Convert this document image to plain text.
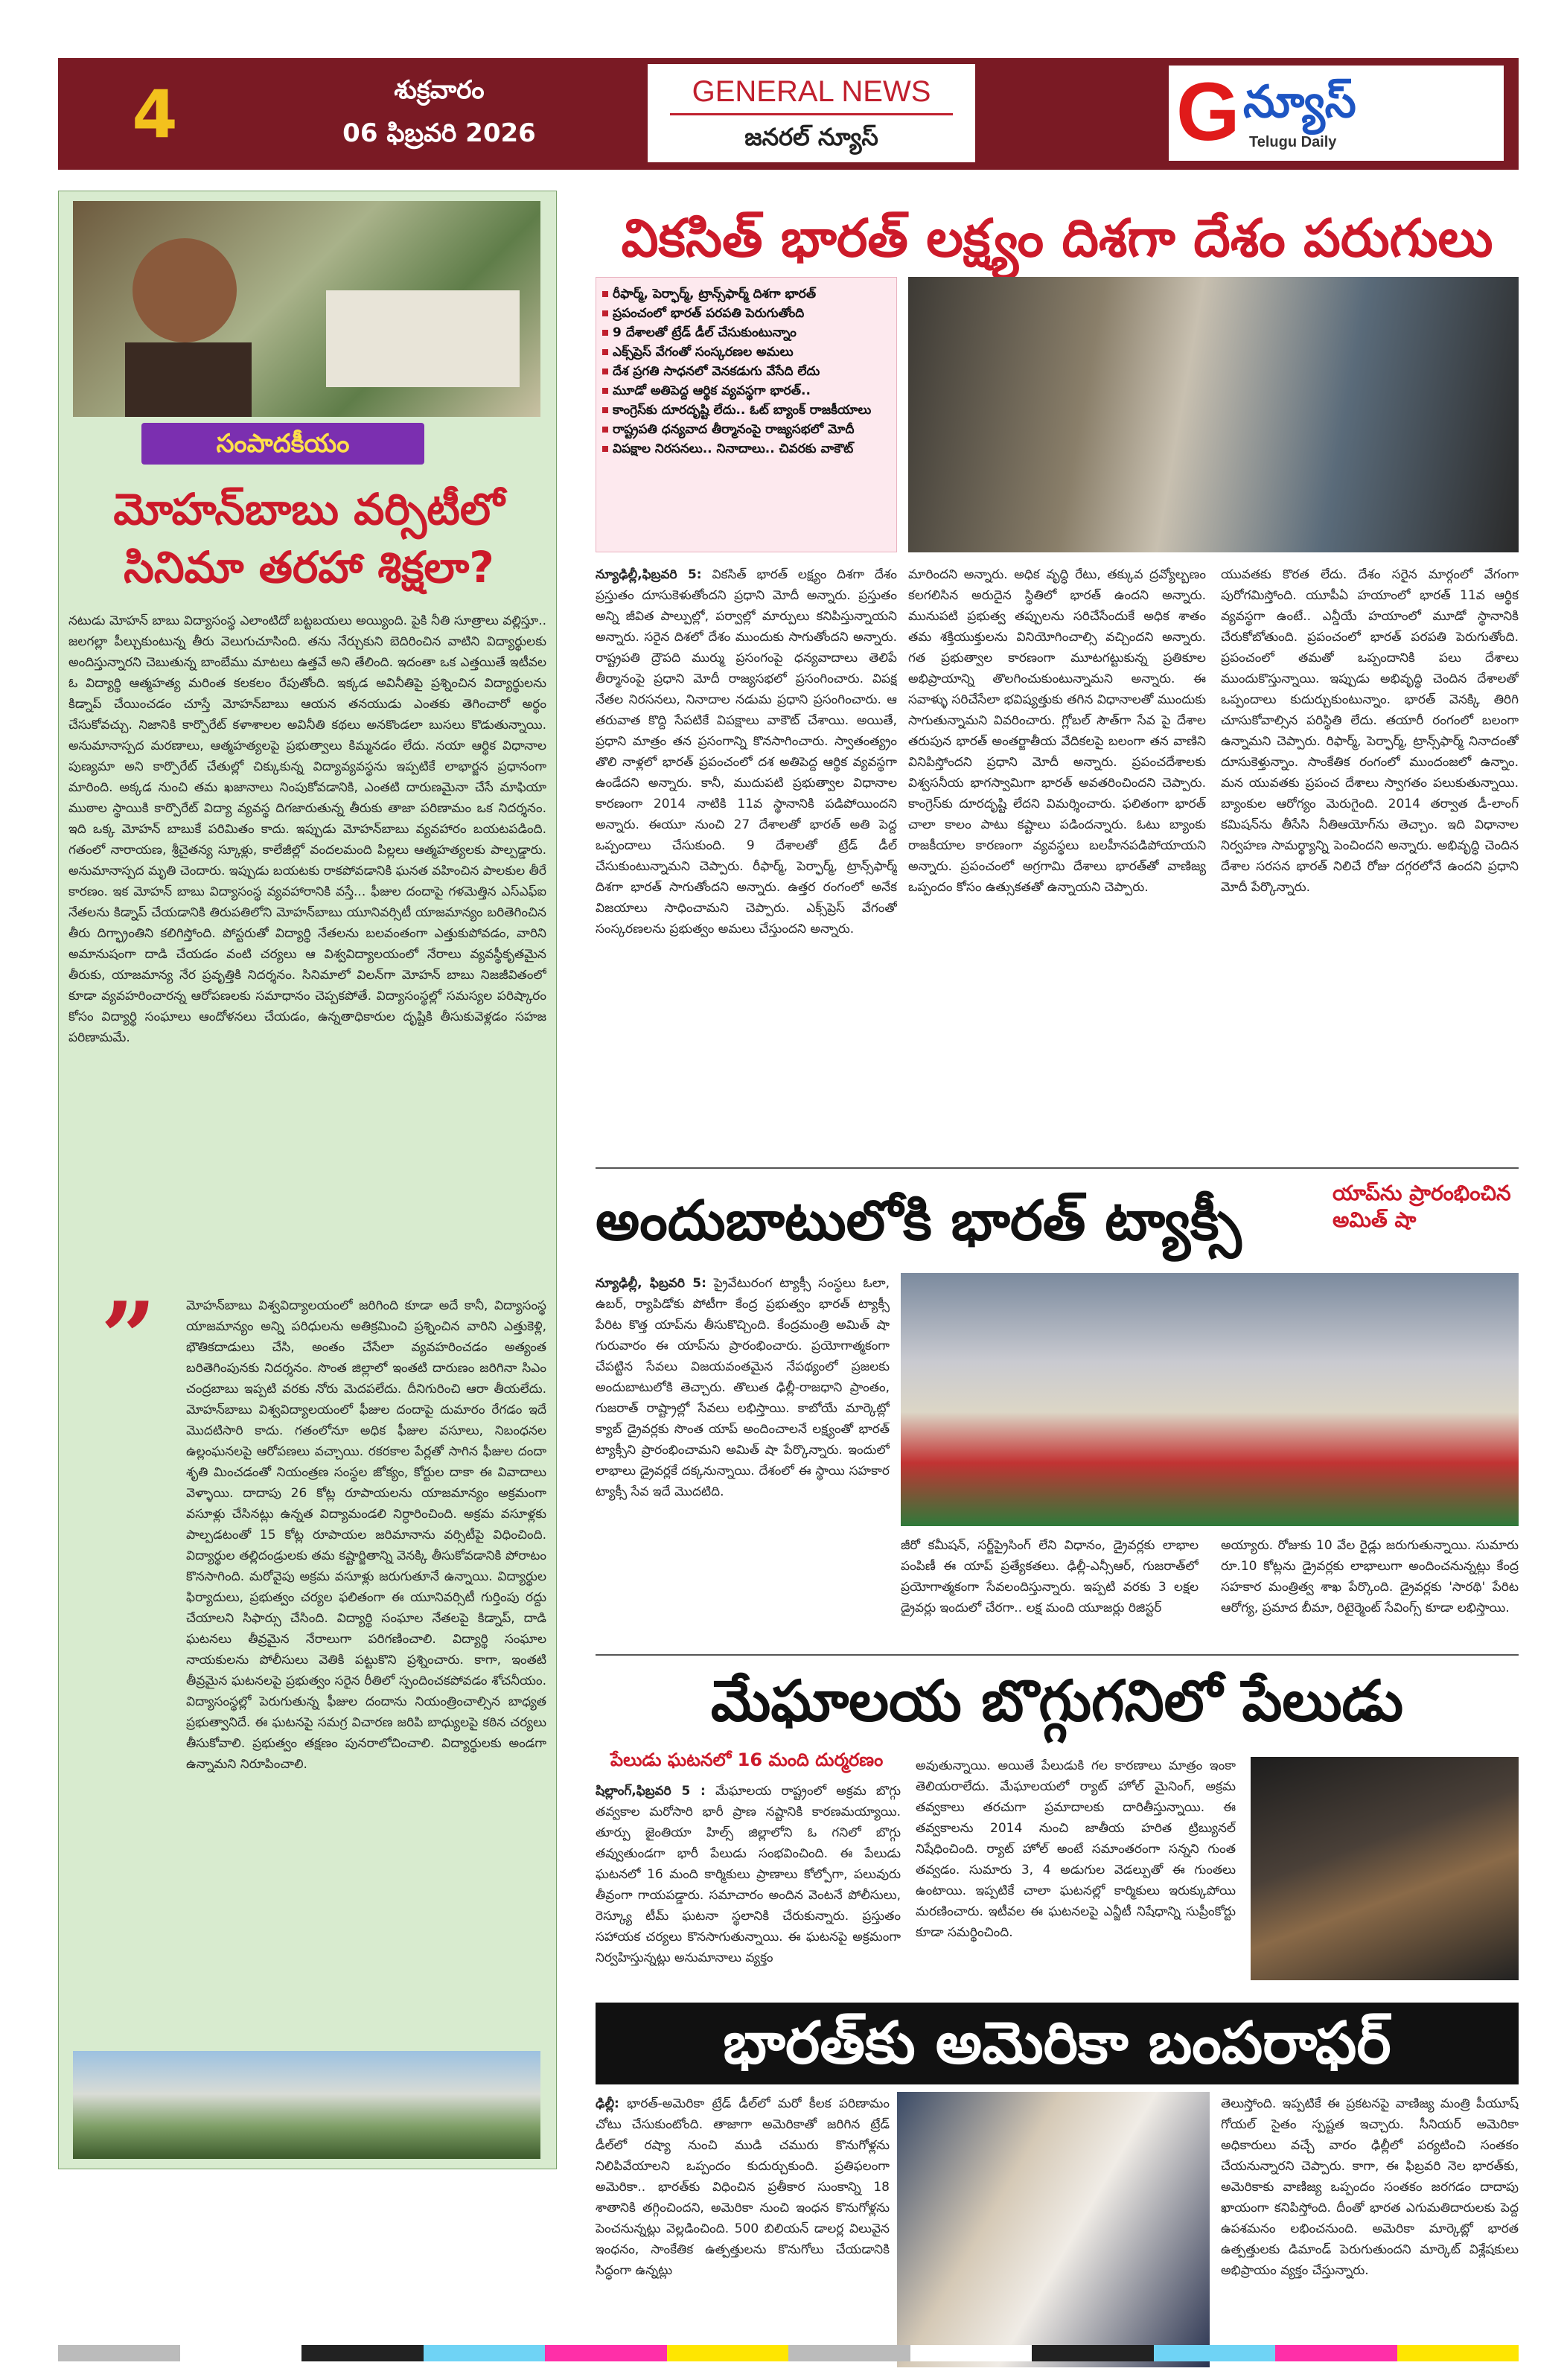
4	శుక్రవారం
06 ఫిబ్రవరి 2026
GENERAL NEWS
జనరల్ న్యూస్	G న్యూస్
Telugu Daily
సంపాదకీయం
మోహన్‌బాబు వర్సిటీలో సినిమా తరహా శిక్షలా?
నటుడు మోహన్ బాబు విద్యాసంస్థ ఎలాంటిదో బట్టబయలు అయ్యింది. పైకి నీతి సూత్రాలు వల్లిస్తూ.. జలగల్లా పీల్చుకుంటున్న తీరు వెలుగుచూసింది. తను నేర్చుకుని బెదిరించిన వాటిని విద్యార్థులకు అందిస్తున్నారని చెబుతున్న బాంబేము మాటలు ఉత్తవే అని తేలింది. ఇదంతా ఒక ఎత్తయితే ఇటీవల ఓ విద్యార్థి ఆత్మహత్య మరింత కలకలం రేపుతోంది. ఇక్కడ అవినీతిపై ప్రశ్నించిన విద్యార్థులను కిడ్నాప్ చేయించడం చూస్తే మోహన్‌బాబు ఆయన తనయుడు ఎంతకు తెగించారో అర్థం చేసుకోవచ్చు. నిజానికి కార్పొరేట్ కళాశాలల అవినీతి కథలు అనకొండలా బుసలు కొడుతున్నాయి. అనుమానాస్పద మరణాలు, ఆత్మహత్యలపై ప్రభుత్వాలు కిమ్మనడం లేదు. నయా ఆర్థిక విధానాల పుణ్యమా అని కార్పొరేట్ చేతుల్లో చిక్కుకున్న విద్యావ్యవస్థను ఇప్పటికే లాభార్జన ప్రధానంగా మారింది. అక్కడ నుంచి తమ ఖజానాలు నింపుకోవడానికి, ఎంతటి దారుణమైనా చేసే మాఫియా ముఠాల స్థాయికి కార్పొరేట్ విద్యా వ్యవస్థ దిగజారుతున్న తీరుకు తాజా పరిణామం ఒక నిదర్శనం. ఇది ఒక్క మోహన్ బాబుకే పరిమితం కాదు. ఇప్పుడు మోహన్‌బాబు వ్యవహారం బయటపడింది. గతంలో నారాయణ, శ్రీచైతన్య స్కూళ్లు, కాలేజీల్లో వందలమంది పిల్లలు ఆత్మహత్యలకు పాల్పడ్డారు. అనుమానాస్పద మృతి చెందారు. ఇప్పుడు బయటకు రాకపోవడానికి ఘనత వహించిన పాలకుల తీరే కారణం. ఇక మోహన్ బాబు విద్యాసంస్థ వ్యవహారానికి వస్తే... ఫీజుల దందాపై గళమెత్తిన ఎస్ఎఫ్ఐ నేతలను కిడ్నాప్ చేయడానికి తిరుపతిలోని మోహన్‌బాబు యూనివర్సిటీ యాజమాన్యం బరితెగించిన తీరు దిగ్భ్రాంతిని కలిగిస్తోంది. పోస్టరుతో విద్యార్థి నేతలను బలవంతంగా ఎత్తుకుపోవడం, వారిని అమానుషంగా దాడి చేయడం వంటి చర్యలు ఆ విశ్వవిద్యాలయంలో నేరాలు వ్యవస్థీకృతమైన తీరుకు, యాజమాన్య నేర ప్రవృత్తికి నిదర్శనం. సినిమాలో విలన్‌గా మోహన్ బాబు నిజజీవితంలో కూడా వ్యవహరించారన్న ఆరోపణలకు సమాధానం చెప్పకపోతే. విద్యాసంస్థల్లో సమస్యల పరిష్కారం కోసం విద్యార్థి సంఘాలు ఆందోళనలు చేయడం, ఉన్నతాధికారుల దృష్టికి తీసుకువెళ్లడం సహజ పరిణామమే.
” మోహన్‌బాబు విశ్వవిద్యాలయంలో జరిగింది కూడా అదే కానీ, విద్యాసంస్థ యాజమాన్యం అన్ని పరిధులను అతిక్రమించి ప్రశ్నించిన వారిని ఎత్తుకెళ్లి, భౌతికదాడులు చేసి, అంతం చేసేలా వ్యవహరించడం అత్యంత బరితెగింపునకు నిదర్శనం. సొంత జిల్లాలో ఇంతటి దారుణం జరిగినా సిఎం చంద్రబాబు ఇప్పటి వరకు నోరు మెదపలేదు. దీనిగురించి ఆరా తీయలేదు. మోహన్‌బాబు విశ్వవిద్యాలయంలో ఫీజుల దందాపై దుమారం రేగడం ఇదే మొదటిసారి కాదు. గతంలోనూ అధిక ఫీజుల వసూలు, నిబంధనల ఉల్లంఘనలపై ఆరోపణలు వచ్చాయి. రకరకాల పేర్లతో సాగిన ఫీజుల దందా శృతి మించడంతో నియంత్రణ సంస్థల జోక్యం, కోర్టుల దాకా ఈ వివాదాలు వెళ్ళాయి. దాదాపు 26 కోట్ల రూపాయలను యాజమాన్యం అక్రమంగా వసూళ్లు చేసినట్లు ఉన్నత విద్యామండలి నిర్ధారించింది. అక్రమ వసూళ్లకు పాల్పడటంతో 15 కోట్ల రూపాయల జరిమానాను వర్సిటీపై విధించింది. విద్యార్థుల తల్లిదండ్రులకు తమ కష్టార్జితాన్ని వెనక్కి తీసుకోవడానికి పోరాటం కొనసాగింది. మరోవైపు అక్రమ వసూళ్లు జరుగుతూనే ఉన్నాయి. విద్యార్థుల ఫిర్యాదులు, ప్రభుత్వం చర్యల ఫలితంగా ఈ యూనివర్సిటీ గుర్తింపు రద్దు చేయాలని సిఫార్సు చేసింది. విద్యార్థి సంఘాల నేతలపై కిడ్నాప్, దాడి ఘటనలు తీవ్రమైన నేరాలుగా పరిగణించాలి. విద్యార్థి సంఘాల నాయకులను పోలీసులు వెతికి పట్టుకొని ప్రశ్నించారు. కాగా, ఇంతటి తీవ్రమైన ఘటనలపై ప్రభుత్వం సరైన రీతిలో స్పందించకపోవడం శోచనీయం. విద్యాసంస్థల్లో పెరుగుతున్న ఫీజుల దందాను నియంత్రించాల్సిన బాధ్యత ప్రభుత్వానిదే. ఈ ఘటనపై సమగ్ర విచారణ జరిపి బాధ్యులపై కఠిన చర్యలు తీసుకోవాలి. ప్రభుత్వం తక్షణం పునరాలోచించాలి. విద్యార్థులకు అండగా ఉన్నామని నిరూపించాలి.
వికసిత్ భారత్ లక్ష్యం దిశగా దేశం పరుగులు
రీఫార్మ్, పెర్ఫార్మ్, ట్రాన్స్‌ఫార్మ్ దిశగా భారత్
ప్రపంచంలో భారత్ పరపతి పెరుగుతోంది
9 దేశాలతో ట్రేడ్ డీల్ చేసుకుంటున్నాం
ఎక్స్‌ప్రెస్ వేగంతో సంస్కరణల అమలు
దేశ ప్రగతి సాధనలో వెనకడుగు వేసేది లేదు
మూడో అతిపెద్ద ఆర్థిక వ్యవస్థగా భారత్..
కాంగ్రెస్‌కు దూరదృష్టి లేదు.. ఓట్ బ్యాంక్ రాజకీయాలు
రాష్ట్రపతి ధన్యవాద తీర్మానంపై రాజ్యసభలో మోదీ
విపక్షాల నిరసనలు.. నినాదాలు.. చివరకు వాకౌట్
న్యూఢిల్లీ,ఫిబ్రవరి 5: వికసిత్ భారత్ లక్ష్యం దిశగా దేశం ప్రస్తుతం దూసుకెళుతోందని ప్రధాని మోదీ అన్నారు. ప్రస్తుతం అన్ని జీవిత పాల్పుల్లో, పర్వాల్లో మార్పులు కనిపిస్తున్నాయని అన్నారు. సరైన దిశలో దేశం ముందుకు సాగుతోందని అన్నారు. రాష్ట్రపతి ద్రౌపది ముర్ము ప్రసంగంపై ధన్యవాదాలు తెలిపే తీర్మానంపై ప్రధాని మోదీ రాజ్యసభలో ప్రసంగించారు. విపక్ష నేతల నిరసనలు, నినాదాల నడుమ ప్రధాని ప్రసంగించారు. ఆ తరువాత కొద్ది సేపటికే విపక్షాలు వాకౌట్ చేశాయి. అయితే, ప్రధాని మాత్రం తన ప్రసంగాన్ని కొనసాగించారు. స్వాతంత్య్రం తొలి నాళ్లలో భారత్ ప్రపంచంలో దశ అతిపెద్ద ఆర్థిక వ్యవస్థగా ఉండేదని అన్నారు. కానీ, ముదుపటి ప్రభుత్వాల విధానాల కారణంగా 2014 నాటికి 11వ స్థానానికి పడిపోయిందని అన్నారు. ఈయూ నుంచి 27 దేశాలతో భారత్ అతి పెద్ద ఒప్పందాలు చేసుకుంది. 9 దేశాలతో ట్రేడ్ డీల్ చేసుకుంటున్నామని చెప్పారు. రీఫార్మ్, పెర్ఫార్మ్, ట్రాన్స్‌ఫార్మ్ దిశగా భారత్ సాగుతోందని అన్నారు. ఉత్తర రంగంలో అనేక విజయాలు సాధించామని చెప్పారు. ఎక్స్‌ప్రెస్ వేగంతో సంస్కరణలను ప్రభుత్వం అమలు చేస్తుందని అన్నారు.
మారిందని అన్నారు. అధిక వృద్ధి రేటు, తక్కువ ద్రవ్యోల్బణం కలగలిసిన అరుదైన స్థితిలో భారత్ ఉందని అన్నారు. మునుపటి ప్రభుత్వ తప్పులను సరిచేసేందుకే అధిక శాతం తమ శక్తియుక్తులను వినియోగించాల్సి వచ్చిందని అన్నారు. గత ప్రభుత్వాల కారణంగా మూటగట్టుకున్న ప్రతికూల అభిప్రాయాన్ని తొలగించుకుంటున్నామని అన్నారు. ఈ సవాళ్ళు సరిచేసేలా భవిష్యత్తుకు తగిన విధానాలతో ముందుకు సాగుతున్నామని వివరించారు. గ్లోబల్ సౌత్‌గా సేవ పై దేశాల తరుపున భారత్ అంతర్జాతీయ వేదికలపై బలంగా తన వాణిని వినిపిస్తోందని ప్రధాని మోదీ అన్నారు. ప్రపంచదేశాలకు విశ్వసనీయ భాగస్వామిగా భారత్ అవతరించిందని చెప్పారు. కాంగ్రెస్‌కు దూరదృష్టి లేదని విమర్శించారు. ఫలితంగా భారత్ చాలా కాలం పాటు కష్టాలు పడిందన్నారు. ఓటు బ్యాంకు రాజకీయాల కారణంగా వ్యవస్థలు బలహీనపడిపోయాయని అన్నారు. ప్రపంచంలో అగ్రగామి దేశాలు భారత్‌తో వాణిజ్య ఒప్పందం కోసం ఉత్సుకతతో ఉన్నాయని చెప్పారు.
యువతకు కొరత లేదు. దేశం సరైన మార్గంలో వేగంగా పురోగమిస్తోంది. యూపీఏ హయాంలో భారత్ 11వ ఆర్థిక వ్యవస్థగా ఉంటే.. ఎన్డీయే హయాంలో మూడో స్థానానికి చేరుకోబోతుంది. ప్రపంచంలో భారత్ పరపతి పెరుగుతోంది. ప్రపంచంలో తమతో ఒప్పందానికి పలు దేశాలు ముందుకొస్తున్నాయి. ఇప్పుడు అభివృద్ధి చెందిన దేశాలతో ఒప్పందాలు కుదుర్చుకుంటున్నాం. భారత్ వెనక్కి తిరిగి చూసుకోవాల్సిన పరిస్థితి లేదు. తయారీ రంగంలో బలంగా ఉన్నామని చెప్పారు. రిఫార్మ్, పెర్ఫార్మ్, ట్రాన్స్‌ఫార్మ్ నినాదంతో దూసుకెళ్తున్నాం. సాంకేతిక రంగంలో ముందంజలో ఉన్నాం. మన యువతకు ప్రపంచ దేశాలు స్వాగతం పలుకుతున్నాయి. బ్యాంకుల ఆరోగ్యం మెరుగైంది. 2014 తర్వాత డీ-లాంగ్ కమిషన్‌ను తీసేసి నీతిఆయోగ్‌ను తెచ్చాం. ఇది విధానాల నిర్వహణ సామర్థ్యాన్ని పెంచిందని అన్నారు. అభివృద్ధి చెందిన దేశాల సరసన భారత్ నిలిచే రోజు దగ్గరలోనే ఉందని ప్రధాని మోదీ పేర్కొన్నారు.
అందుబాటులోకి భారత్ ట్యాక్సీ	యాప్‌ను ప్రారంభించిన అమిత్ షా
న్యూఢిల్లీ, ఫిబ్రవరి 5: ప్రైవేటురంగ ట్యాక్సీ సంస్థలు ఓలా, ఉబర్, ర్యాపిడోకు పోటీగా కేంద్ర ప్రభుత్వం భారత్ ట్యాక్సీ పేరిట కొత్త యాప్‌ను తీసుకొచ్చింది. కేంద్రమంత్రి అమిత్ షా గురువారం ఈ యాప్‌ను ప్రారంభించారు. ప్రయోగాత్మకంగా చేపట్టిన సేవలు విజయవంతమైన నేపథ్యంలో ప్రజలకు అందుబాటులోకి తెచ్చారు. తొలుత ఢిల్లీ-రాజధాని ప్రాంతం, గుజరాత్ రాష్ట్రాల్లో సేవలు లభిస్తాయి. కాబోయే మార్కెట్లో క్యాబ్ డ్రైవర్లకు సొంత యాప్‌ అందించాలనే లక్ష్యంతో భారత్ ట్యాక్సీని ప్రారంభించామని అమిత్ షా పేర్కొన్నారు. ఇందులో లాభాలు డ్రైవర్లకే దక్కనున్నాయి. దేశంలో ఈ స్థాయి సహకార ట్యాక్సీ సేవ ఇదే మొదటిది.
జీరో కమీషన్, సర్జ్‌ప్రైసింగ్ లేని విధానం, డ్రైవర్లకు లాభాల పంపిణీ ఈ యాప్ ప్రత్యేకతలు. ఢిల్లీ-ఎన్సీఆర్, గుజరాత్‌లో ప్రయోగాత్మకంగా సేవలందిస్తున్నారు. ఇప్పటి వరకు 3 లక్షల డ్రైవర్లు ఇందులో చేరగా.. లక్ష మంది యూజర్లు రిజిస్టర్
అయ్యారు. రోజుకు 10 వేల రైడ్లు జరుగుతున్నాయి. సుమారు రూ.10 కోట్లను డ్రైవర్లకు లాభాలుగా అందించనున్నట్లు కేంద్ర సహకార మంత్రిత్వ శాఖ పేర్కొంది. డ్రైవర్లకు 'సారథి' పేరిట ఆరోగ్య, ప్రమాద బీమా, రిటైర్మెంట్ సేవింగ్స్ కూడా లభిస్తాయి.
మేఘాలయ బొగ్గుగనిలో పేలుడు
పేలుడు ఘటనలో 16 మంది దుర్మరణం
షిల్లాంగ్,ఫిబ్రవరి 5 : మేఘాలయ రాష్ట్రంలో అక్రమ బొగ్గు తవ్వకాల మరోసారి భారీ ప్రాణ నష్టానికి కారణమయ్యాయి. తూర్పు జైంతియా హిల్స్ జిల్లాలోని ఓ గనిలో బొగ్గు తవ్వుతుండగా భారీ పేలుడు సంభవించింది. ఈ పేలుడు ఘటనలో 16 మంది కార్మికులు ప్రాణాలు కోల్పోగా, పలువురు తీవ్రంగా గాయపడ్డారు. సమాచారం అందిన వెంటనే పోలీసులు, రెస్క్యూ టీమ్ ఘటనా స్థలానికి చేరుకున్నారు. ప్రస్తుతం సహాయక చర్యలు కొనసాగుతున్నాయి. ఈ ఘటనపై అక్రమంగా నిర్వహిస్తున్నట్లు అనుమానాలు వ్యక్తం
అవుతున్నాయి. అయితే పేలుడుకి గల కారణాలు మాత్రం ఇంకా తెలియరాలేదు. మేఘాలయలో ర్యాట్ హోల్ మైనింగ్, అక్రమ తవ్వకాలు తరచుగా ప్రమాదాలకు దారితీస్తున్నాయి. ఈ తవ్వకాలను 2014 నుంచి జాతీయ హరిత ట్రిబ్యునల్ నిషేధించింది. ర్యాట్ హోల్ అంటే సమాంతరంగా సన్నని గుంత తవ్వడం. సుమారు 3, 4 అడుగుల వెడల్పుతో ఈ గుంతలు ఉంటాయి. ఇప్పటికే చాలా ఘటనల్లో కార్మికులు ఇరుక్కుపోయి మరణించారు. ఇటీవల ఈ ఘటనలపై ఎన్జీటీ నిషేధాన్ని సుప్రీంకోర్టు కూడా సమర్థించింది.
భారత్‌కు అమెరికా బంపరాఫర్
ఢిల్లీ: భారత్-అమెరికా ట్రేడ్ డీల్‌లో మరో కీలక పరిణామం చోటు చేసుకుంటోంది. తాజాగా అమెరికాతో జరిగిన ట్రేడ్ డీల్‌లో రష్యా నుంచి ముడి చమురు కొనుగోళ్లను నిలిపివేయాలని ఒప్పందం కుదుర్చుకుంది. ప్రతిఫలంగా అమెరికా.. భారత్‌కు విధించిన ప్రతీకార సుంకాన్ని 18 శాతానికి తగ్గించిందని, అమెరికా నుంచి ఇంధన కొనుగోళ్లను పెంచనున్నట్లు వెల్లడించింది. 500 బిలియన్ డాలర్ల విలువైన ఇంధనం, సాంకేతిక ఉత్పత్తులను కొనుగోలు చేయడానికి సిద్ధంగా ఉన్నట్లు
తెలుస్తోంది. ఇప్పటికే ఈ ప్రకటనపై వాణిజ్య మంత్రి పీయూష్ గోయల్ సైతం స్పష్టత ఇచ్చారు. సీనియర్ అమెరికా అధికారులు వచ్చే వారం ఢిల్లీలో పర్యటించి సంతకం చేయనున్నారని చెప్పారు. కాగా, ఈ ఫిబ్రవరి నెల భారత్‌కు, అమెరికాకు వాణిజ్య ఒప్పందం సంతకం జరగడం దాదాపు ఖాయంగా కనిపిస్తోంది. దీంతో భారత ఎగుమతిదారులకు పెద్ద ఉపశమనం లభించనుంది. అమెరికా మార్కెట్లో భారత ఉత్పత్తులకు డిమాండ్ పెరుగుతుందని మార్కెట్ విశ్లేషకులు అభిప్రాయం వ్యక్తం చేస్తున్నారు.
